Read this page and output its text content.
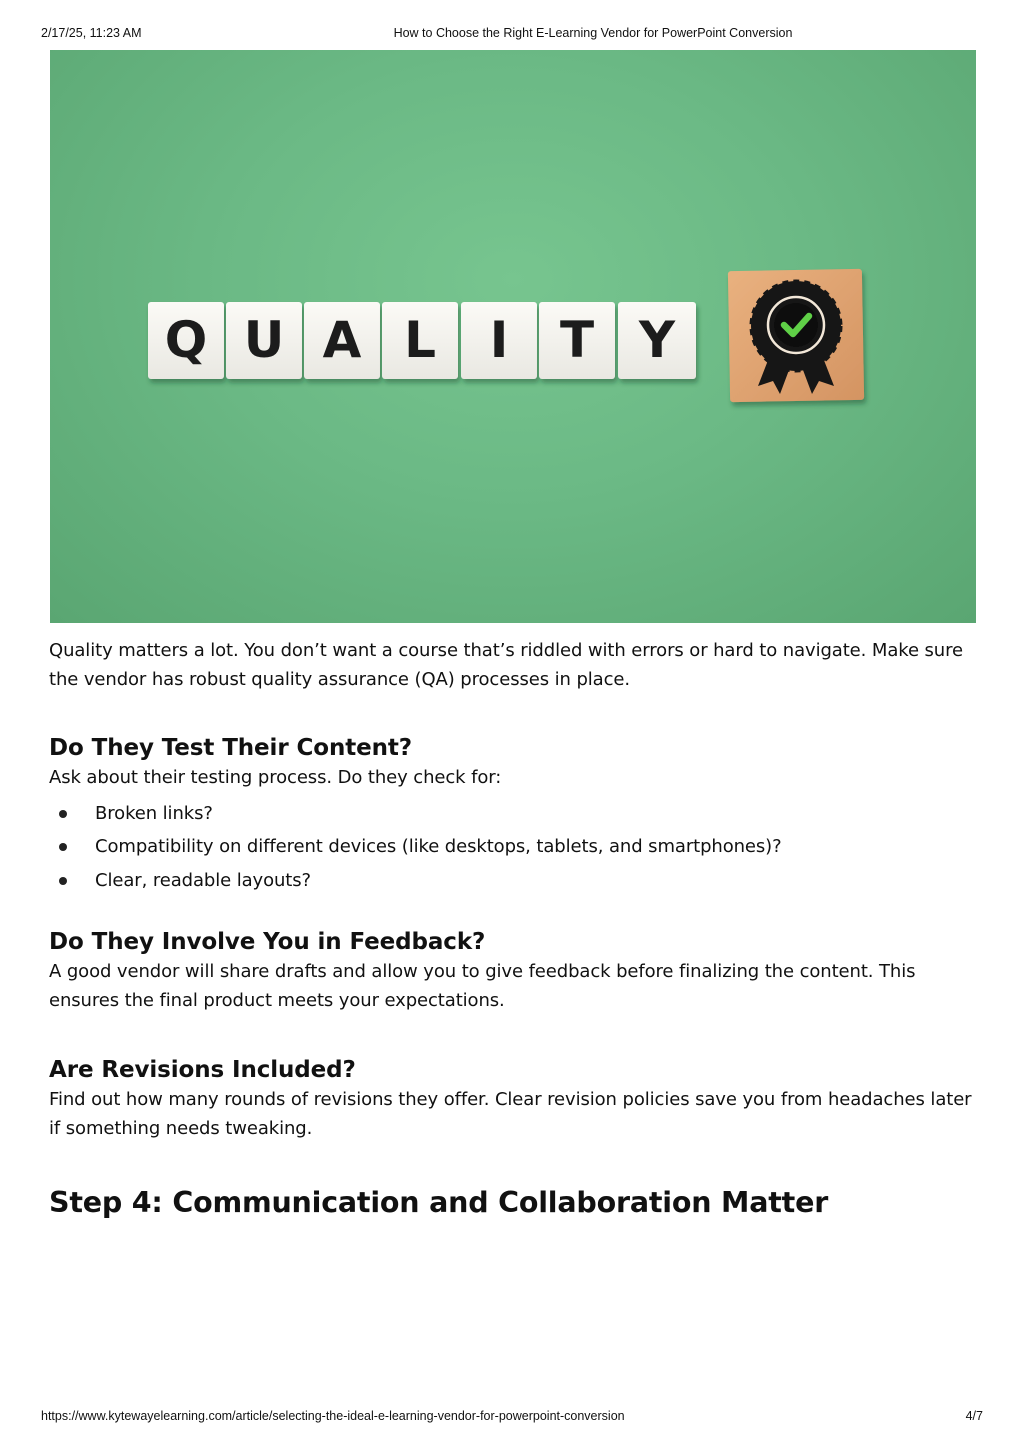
2/17/25, 11:23 AM	How to Choose the Right E-Learning Vendor for PowerPoint Conversion
Q U A L I T Y

Quality matters a lot. You don’t want a course that’s riddled with errors or hard to navigate. Make sure the vendor has robust quality assurance (QA) processes in place.

Do They Test Their Content?

Ask about their testing process. Do they check for:

Broken links?
Compatibility on different devices (like desktops, tablets, and smartphones)?
Clear, readable layouts?
Do They Involve You in Feedback?

A good vendor will share drafts and allow you to give feedback before finalizing the content. This ensures the final product meets your expectations.

Are Revisions Included?

Find out how many rounds of revisions they offer. Clear revision policies save you from headaches later if something needs tweaking.

Step 4: Communication and Collaboration Matter
https://www.kytewayelearning.com/article/selecting-the-ideal-e-learning-vendor-for-powerpoint-conversion	4/7
